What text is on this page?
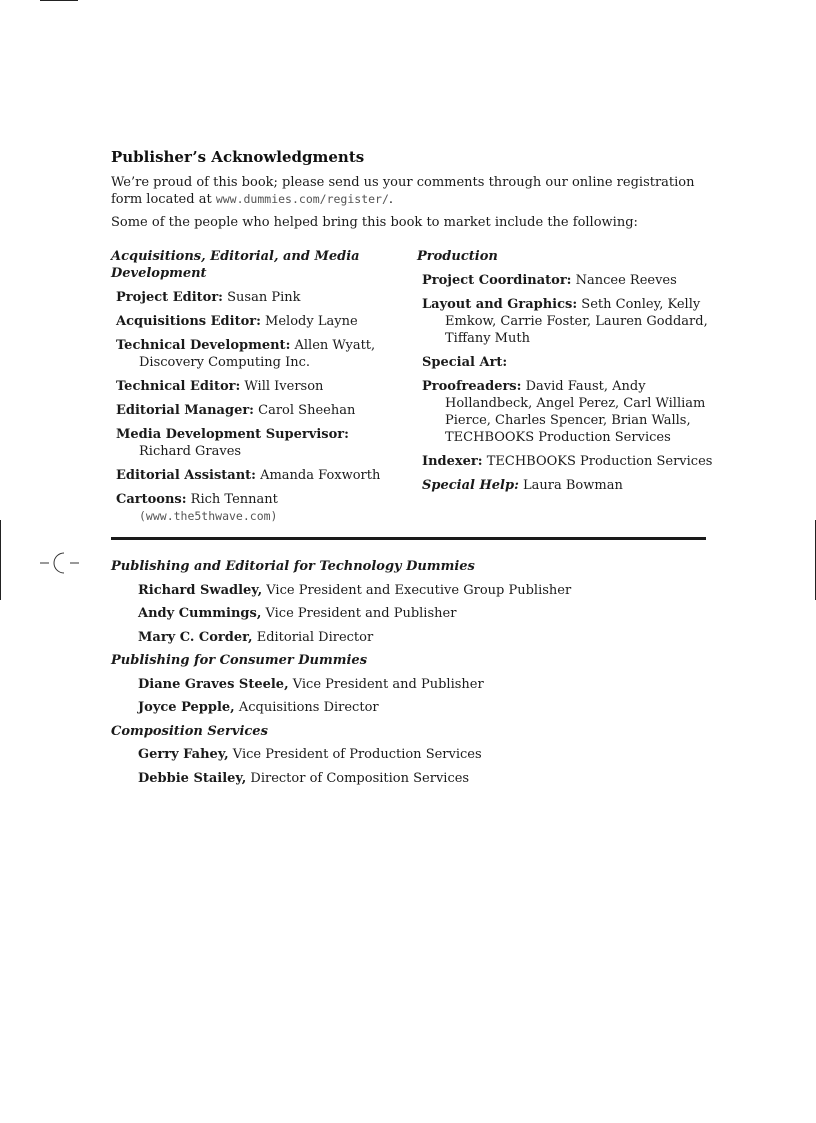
Publisher’s Acknowledgments

We’re proud of this book; please send us your comments through our online registration form located at www.dummies.com/register/.

Some of the people who helped bring this book to market include the following:

Acquisitions, Editorial, and Media Development
Project Editor: Susan Pink
Acquisitions Editor: Melody Layne
Technical Development: Allen Wyatt, Discovery Computing Inc.
Technical Editor: Will Iverson
Editorial Manager: Carol Sheehan
Media Development Supervisor: Richard Graves
Editorial Assistant: Amanda Foxworth
Cartoons: Rich Tennant
(www.the5thwave.com)
Production
Project Coordinator: Nancee Reeves
Layout and Graphics: Seth Conley, Kelly Emkow, Carrie Foster, Lauren Goddard, Tiffany Muth
Special Art:
Proofreaders: David Faust, Andy Hollandbeck, Angel Perez, Carl William Pierce, Charles Spencer, Brian Walls, TECHBOOKS Production Services
Indexer: TECHBOOKS Production Services
Special Help: Laura Bowman
Publishing and Editorial for Technology Dummies
Richard Swadley, Vice President and Executive Group Publisher
Andy Cummings, Vice President and Publisher
Mary C. Corder, Editorial Director
Publishing for Consumer Dummies
Diane Graves Steele, Vice President and Publisher
Joyce Pepple, Acquisitions Director
Composition Services
Gerry Fahey, Vice President of Production Services
Debbie Stailey, Director of Composition Services
